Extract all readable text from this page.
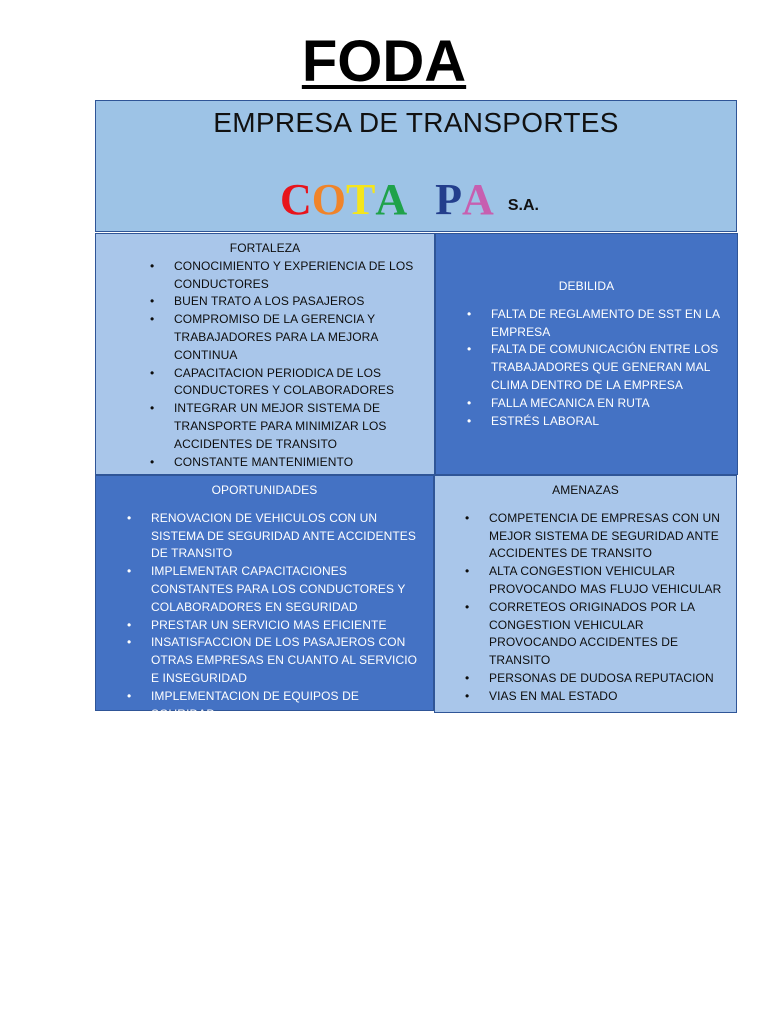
FODA
EMPRESA DE TRANSPORTES
COTA PA S.A.
FORTALEZA
• CONOCIMIENTO Y EXPERIENCIA DE LOS CONDUCTORES
• BUEN TRATO A LOS PASAJEROS
• COMPROMISO DE LA GERENCIA Y TRABAJADORES PARA LA MEJORA CONTINUA
• CAPACITACION PERIODICA DE LOS CONDUCTORES Y COLABORADORES
• INTEGRAR UN MEJOR SISTEMA DE TRANSPORTE PARA MINIMIZAR LOS ACCIDENTES DE TRANSITO
• CONSTANTE MANTENIMIENTO
DEBILIDA
• FALTA DE REGLAMENTO DE SST EN LA EMPRESA
• FALTA DE COMUNICACIÓN ENTRE LOS TRABAJADORES QUE GENERAN MAL CLIMA DENTRO DE LA EMPRESA
• FALLA MECANICA EN RUTA
• ESTRÉS LABORAL
OPORTUNIDADES
• RENOVACION DE VEHICULOS CON UN SISTEMA DE SEGURIDAD ANTE ACCIDENTES DE TRANSITO
• IMPLEMENTAR CAPACITACIONES CONSTANTES PARA LOS CONDUCTORES Y COLABORADORES EN SEGURIDAD
• PRESTAR UN SERVICIO MAS EFICIENTE
• INSATISFACCION DE LOS PASAJEROS CON OTRAS EMPRESAS EN CUANTO AL SERVICIO E INSEGURIDAD
• IMPLEMENTACION DE EQUIPOS DE SGURIDAD
AMENAZAS
• COMPETENCIA DE EMPRESAS CON UN MEJOR SISTEMA DE SEGURIDAD ANTE ACCIDENTES DE TRANSITO
• ALTA CONGESTION VEHICULAR PROVOCANDO MAS FLUJO VEHICULAR
• CORRETEOS ORIGINADOS POR LA CONGESTION VEHICULAR PROVOCANDO ACCIDENTES DE TRANSITO
• PERSONAS DE DUDOSA REPUTACION
• VIAS EN MAL ESTADO
